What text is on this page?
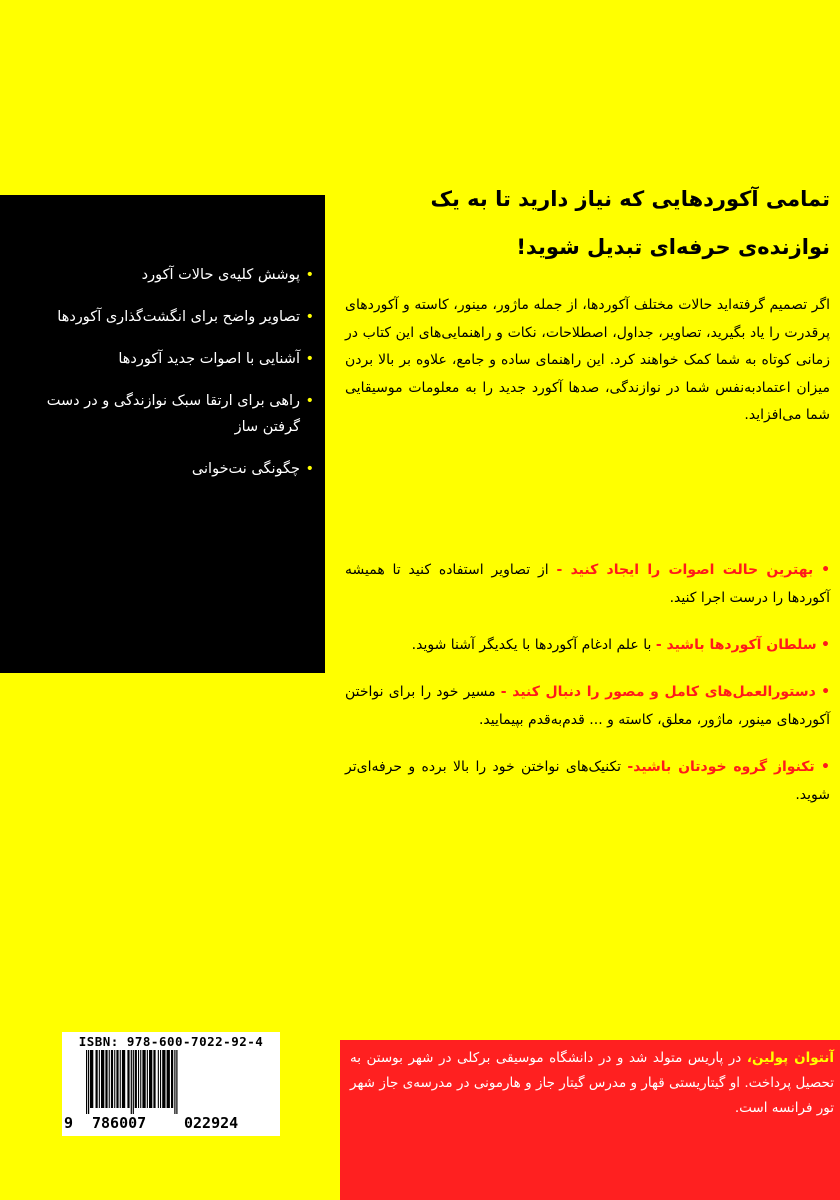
• پوشش کلیه‌ی حالات آکورد
• تصاویر واضح برای انگشت‌گذاری آکوردها
• آشنایی با اصوات جدید آکوردها
• راهی برای ارتقا سبک نوازندگی و در دست گرفتن ساز
• چگونگی نت‌خوانی
تمامی آکوردهایی که نیاز دارید تا به یک نوازنده‌ی حرفه‌ای تبدیل شوید!
اگر تصمیم گرفته‌اید حالات مختلف آکوردها، از جمله ماژور، مینور، کاسته و آکوردهای پرقدرت را یاد بگیرید، تصاویر، جداول، اصطلاحات، نکات و راهنمایی‌های این کتاب در زمانی کوتاه به شما کمک خواهند کرد. این راهنمای ساده و جامع، علاوه بر بالا بردن میزان اعتمادبه‌نفس شما در نوازندگی، صدها آکورد جدید را به معلومات موسیقایی شما می‌افزاید.
• بهترین حالت اصوات را ایجاد کنید - از تصاویر استفاده کنید تا همیشه آکوردها را درست اجرا کنید.
• سلطان آکوردها باشید - با علم ادغام آکوردها با یکدیگر آشنا شوید.
• دستورالعمل‌های کامل و مصور را دنبال کنید - مسیر خود را برای نواختن آکوردهای مینور، ماژور، معلق، کاسته و ... قدم‌به‌قدم بپیمایید.
• تکنواز گروه خودتان باشید- تکنیک‌های نواختن خود را بالا برده و حرفه‌ای‌تر شوید.
ISBN: 978-600-7022-92-4
9 786007	022924
آنتوان پولین، در پاریس متولد شد و در دانشگاه موسیقی برکلی در شهر بوستن به تحصیل پرداخت. او گیتاریستی قهار و مدرس گیتار جاز و هارمونی در مدرسه‌ی جاز شهر تور فرانسه است.
